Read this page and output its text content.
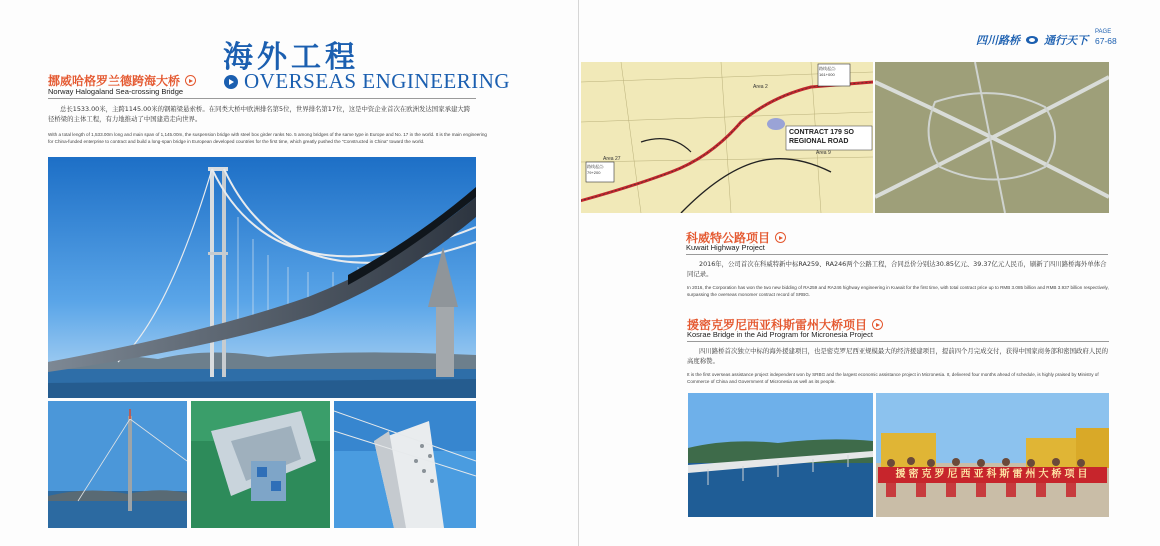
海外工程
OVERSEAS ENGINEERING
挪威哈格罗兰德跨海大桥
Norway Halogaland Sea-crossing Bridge
总长1533.00米，主跨1145.00米的钢箱梁悬索桥。在同类大桥中欧洲排名第5位，世界排名第17位，这是中资企业首次在欧洲发达国家承建大跨径桥梁的主体工程，有力地推动了中国建造走向世界。
With a total length of 1,533.00m long and main span of 1,145.00m, the suspension bridge with steel box girder ranks No. 5 among bridges of the same type in Europe and No. 17 in the world. It is the main engineering for China-funded enterprise to contract and build a long-span bridge in European developed countries for the first time, which greatly pushed the "Constructed in China" toward the world.
四川路桥 通行天下
PAGE
67-68
路线起点:
161+000
路线起点:
79+200
CONTRACT 179 SO
REGIONAL ROAD
Area 2
Area 9
Area 27
科威特公路项目
Kuwait Highway Project
2016年，公司首次在科威特新中标RA259、RA246两个公路工程，合同总价分别达30.85亿元、39.37亿元人民币，刷新了四川路桥海外单体合同记录。
In 2016, the Corporation has won the two new bidding of RA259 and RA246 highway engineering in Kuwait for the first time, with total contract price up to RMB 3.085 billion and RMB 3.937 billion respectively, surpassing the overseas monomer contract record of SRBG.
援密克罗尼西亚科斯雷州大桥项目
Kosrae Bridge in the Aid Program for Micronesia Project
四川路桥首次独立中标的海外援建项目，也是密克罗尼西亚规模最大的经济援建项目，提前四个月完成交付，获得中国家商务部和密国政府人民的高度称赞。
It is the first overseas assistance project independent won by SRBG and the largest economic assistance project in Micronesia. It, delivered four months ahead of schedule, is highly praised by Ministry of Commerce of China and Government of Micronesia as well as its people.
援密克罗尼西亚科斯雷州大桥项目
